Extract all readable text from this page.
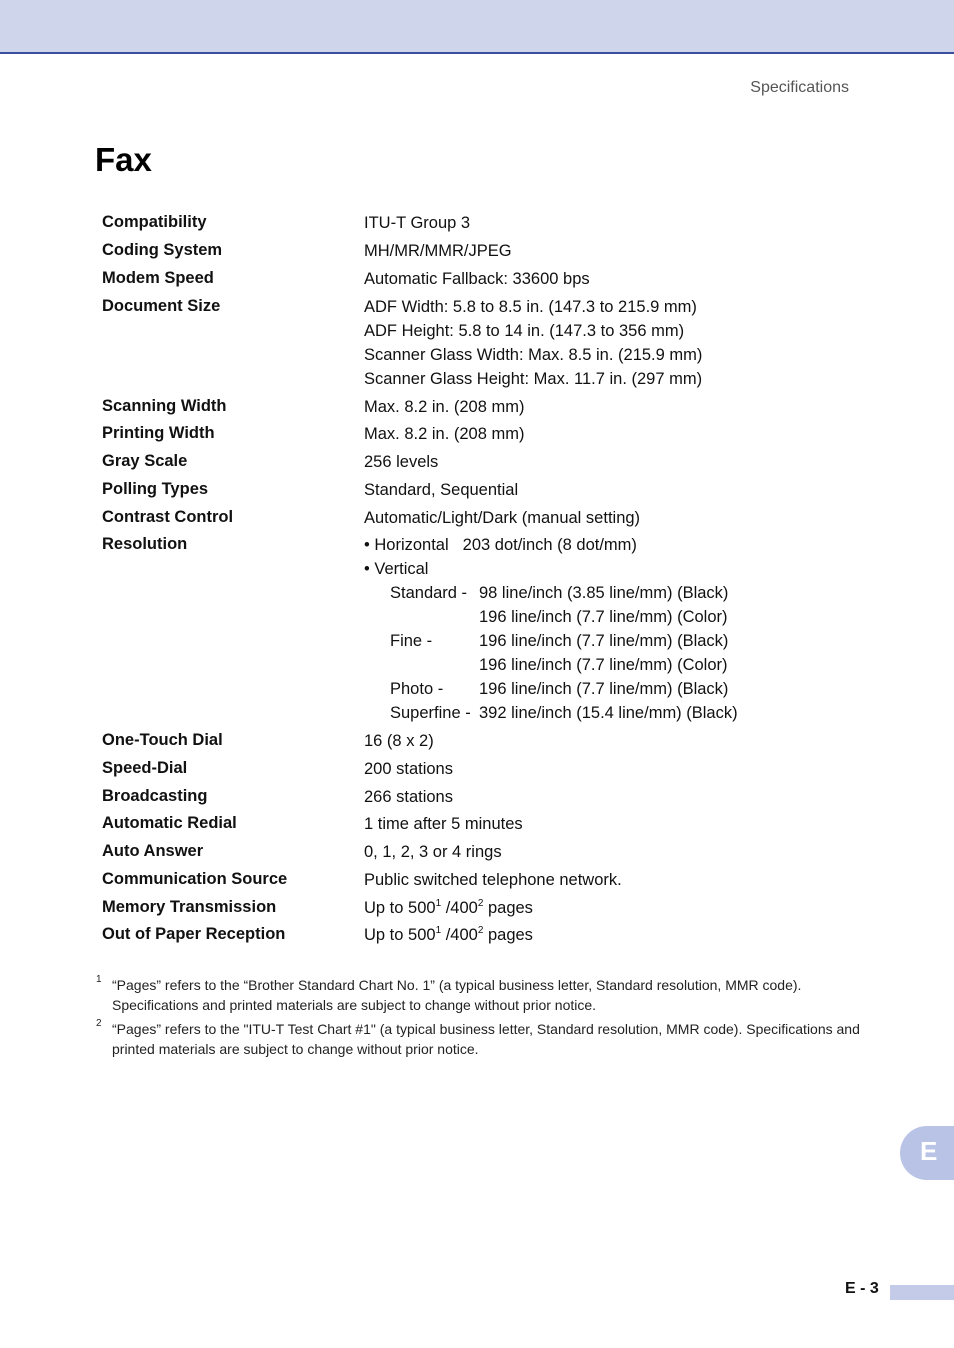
Specifications
Fax
Compatibility	ITU-T Group 3
Coding System	MH/MR/MMR/JPEG
Modem Speed	Automatic Fallback: 33600 bps
Document Size	ADF Width: 5.8 to 8.5 in. (147.3 to 215.9 mm)
ADF Height: 5.8 to 14 in. (147.3 to 356 mm)
Scanner Glass Width: Max. 8.5 in. (215.9 mm)
Scanner Glass Height: Max. 11.7 in. (297 mm)
Scanning Width	Max. 8.2 in. (208 mm)
Printing Width	Max. 8.2 in. (208 mm)
Gray Scale	256 levels
Polling Types	Standard, Sequential
Contrast Control	Automatic/Light/Dark (manual setting)
Resolution	• Horizontal 203 dot/inch (8 dot/mm)
• Vertical
Standard - 98 line/inch (3.85 line/mm) (Black)
196 line/inch (7.7 line/mm) (Color)
Fine -	196 line/inch (7.7 line/mm) (Black)
196 line/inch (7.7 line/mm) (Color)
Photo - 196 line/inch (7.7 line/mm) (Black)
Superfine - 392 line/inch (15.4 line/mm) (Black)
One-Touch Dial	16 (8 x 2)
Speed-Dial	200 stations
Broadcasting	266 stations
Automatic Redial	1 time after 5 minutes
Auto Answer	0, 1, 2, 3 or 4 rings
Communication Source	Public switched telephone network.
Memory Transmission	Up to $500^1$ $/400^2$ pages
Out of Paper Reception	Up to $500^1$ $/400^2$ pages
1 “Pages” refers to the “Brother Standard Chart No. 1” (a typical business letter, Standard resolution, MMR code). Specifications and printed materials are subject to change without prior notice.
2 “Pages” refers to the "ITU-T Test Chart #1" (a typical business letter, Standard resolution, MMR code). Specifications and printed materials are subject to change without prior notice.
E
E - 3
